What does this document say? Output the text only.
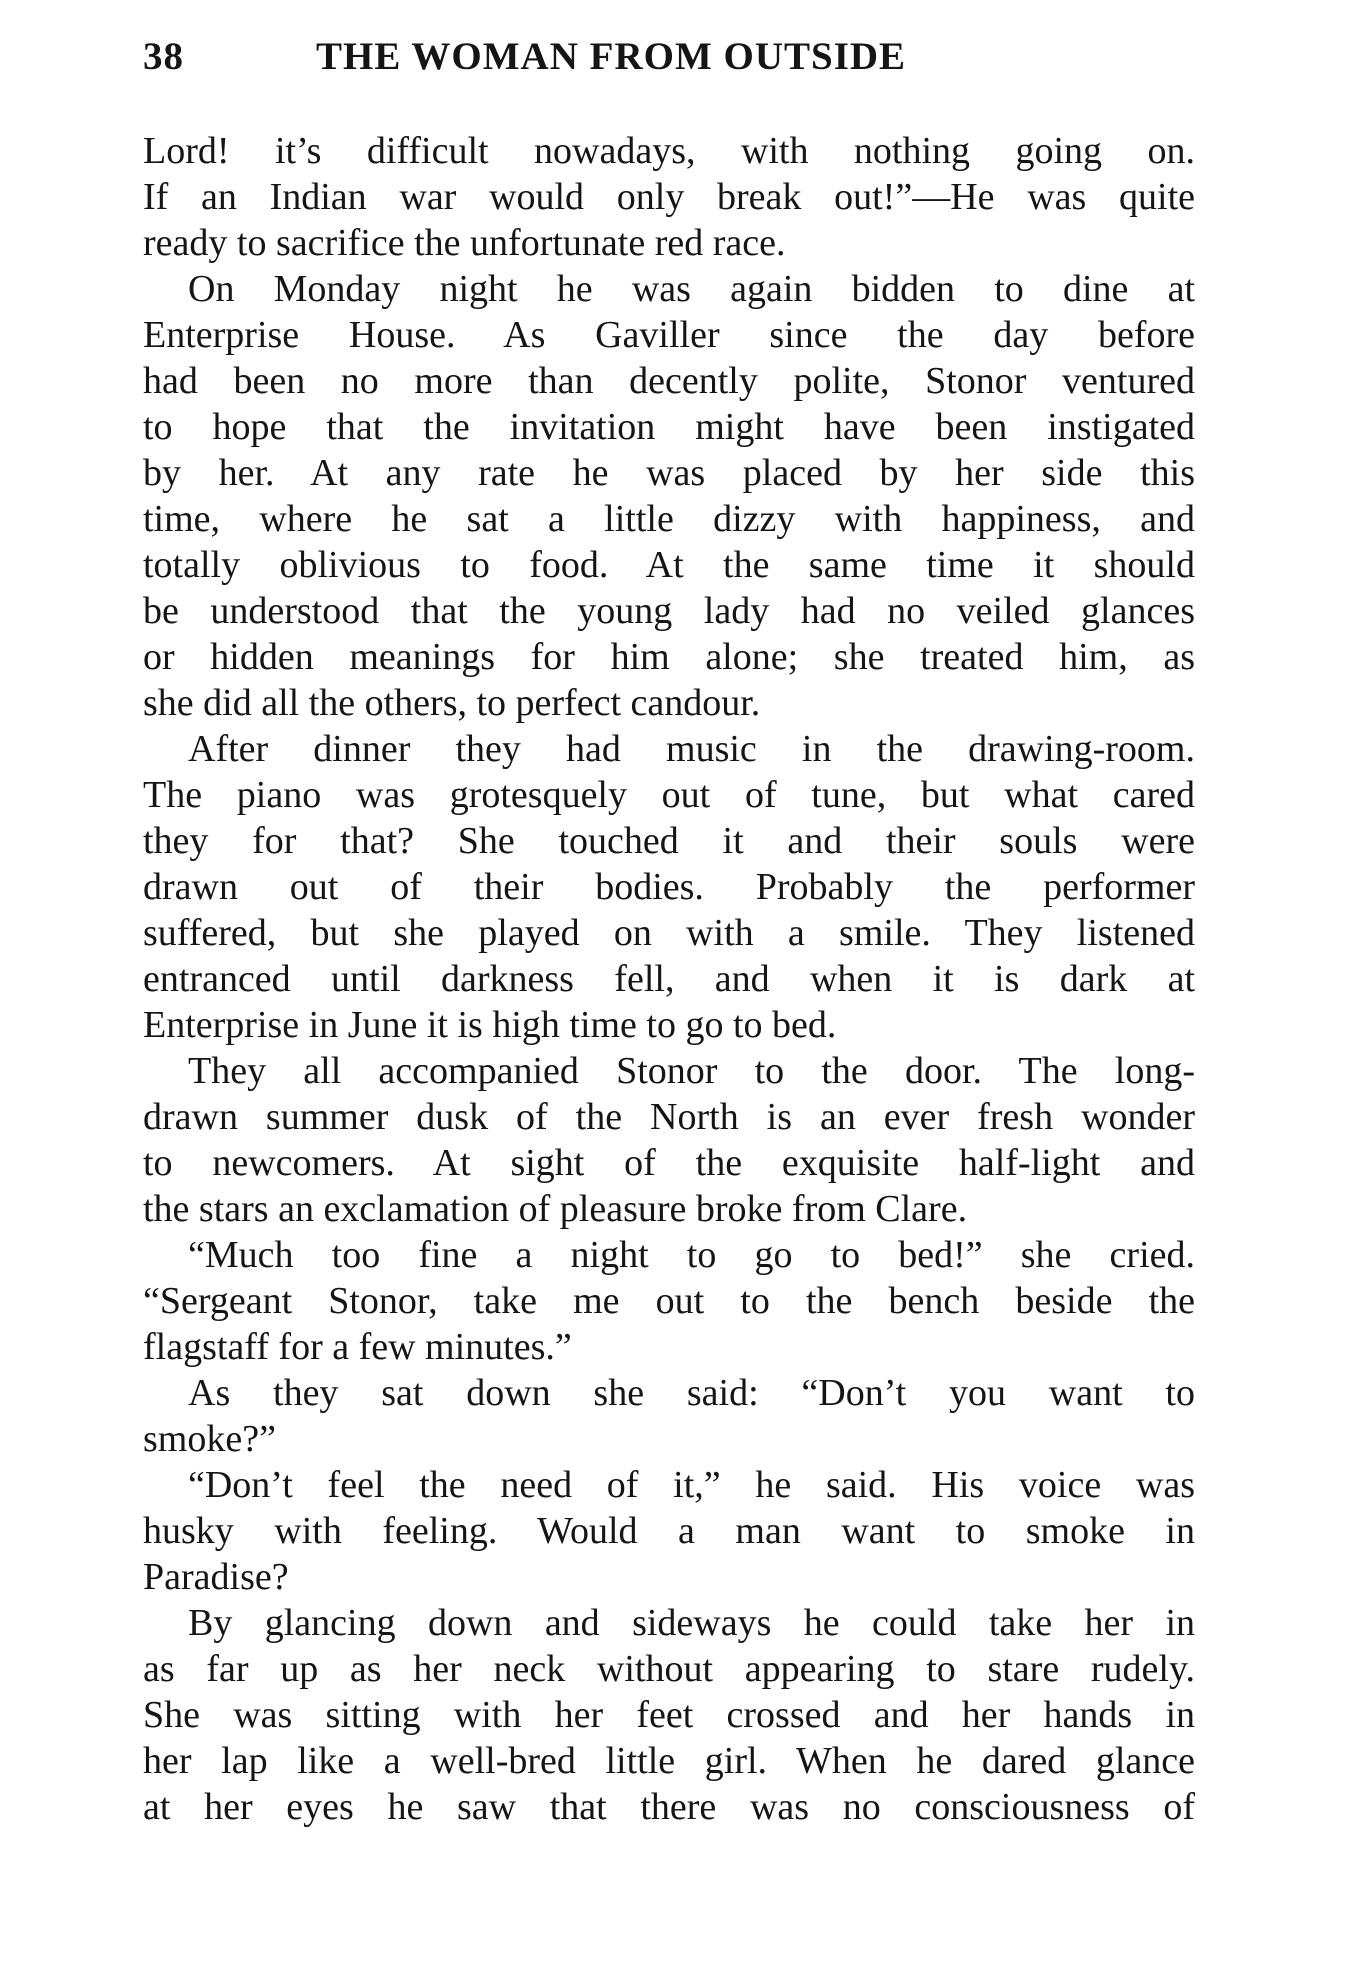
38	THE WOMAN FROM OUTSIDE
Lord! it’s difficult nowadays, with nothing going on.
If an Indian war would only break out!”—He was quite
ready to sacrifice the unfortunate red race.
On Monday night he was again bidden to dine at
Enterprise House. As Gaviller since the day before
had been no more than decently polite, Stonor ventured
to hope that the invitation might have been instigated
by her. At any rate he was placed by her side this
time, where he sat a little dizzy with happiness, and
totally oblivious to food. At the same time it should
be understood that the young lady had no veiled glances
or hidden meanings for him alone; she treated him, as
she did all the others, to perfect candour.
After dinner they had music in the drawing-room.
The piano was grotesquely out of tune, but what cared
they for that? She touched it and their souls were
drawn out of their bodies. Probably the performer
suffered, but she played on with a smile. They listened
entranced until darkness fell, and when it is dark at
Enterprise in June it is high time to go to bed.
They all accompanied Stonor to the door. The long-
drawn summer dusk of the North is an ever fresh wonder
to newcomers. At sight of the exquisite half-light and
the stars an exclamation of pleasure broke from Clare.
“Much too fine a night to go to bed!” she cried.
“Sergeant Stonor, take me out to the bench beside the
flagstaff for a few minutes.”
As they sat down she said: “Don’t you want to
smoke?”
“Don’t feel the need of it,” he said. His voice was
husky with feeling. Would a man want to smoke in
Paradise?
By glancing down and sideways he could take her in
as far up as her neck without appearing to stare rudely.
She was sitting with her feet crossed and her hands in
her lap like a well-bred little girl. When he dared glance
at her eyes he saw that there was no consciousness of
